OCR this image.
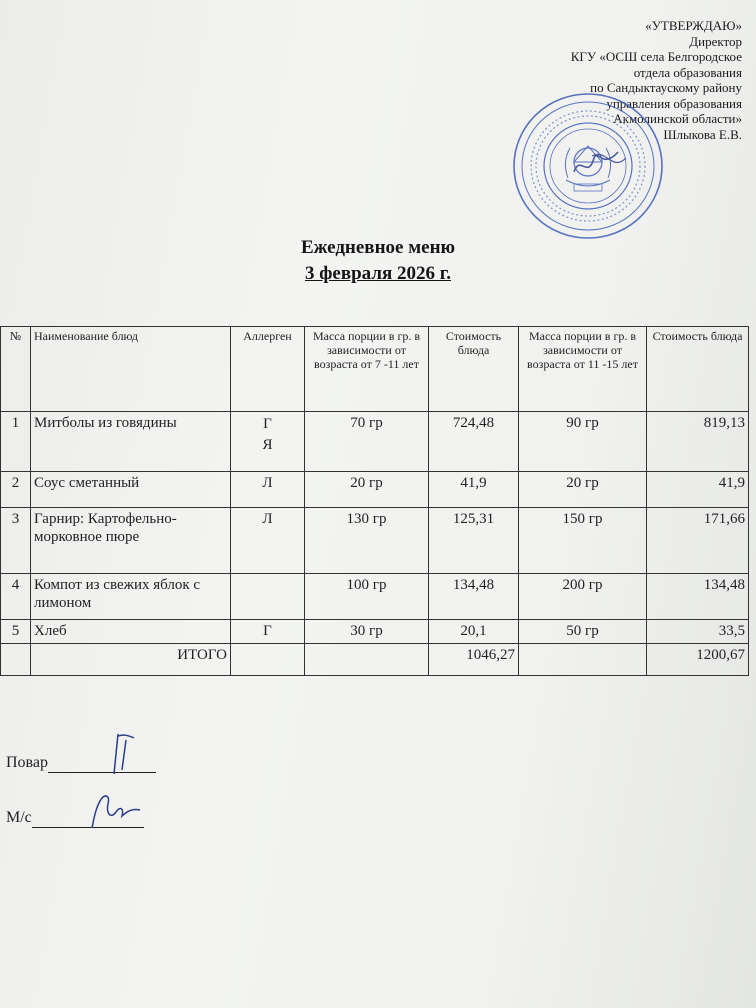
«УТВЕРЖДАЮ»
Директор
КГУ «ОСШ села Белгородское
отдела образования
по Сандыктаускому району
управления образования
Акмолинской области»
Шлыкова Е.В.
Ежедневное меню
3 февраля 2026 г.
№	Наименование блюд	Аллерген	Масса порции в гр. в зависимости от возраста от 7 -11 лет	Стоимость блюда	Масса порции в гр. в зависимости от возраста от 11 -15 лет	Стоимость блюда
1	Митболы из говядины	Г Я	70 гр	724,48	90 гр	819,13
2	Соус сметанный	Л	20 гр	41,9	20 гр	41,9
3	Гарнир: Картофельно-морковное пюре	Л	130 гр	125,31	150 гр	171,66
4	Компот из свежих яблок с лимоном		100 гр	134,48	200 гр	134,48
5	Хлеб	Г	30 гр	20,1	50 гр	33,5
	ИТОГО			1046,27		1200,67
Повар
М/с
